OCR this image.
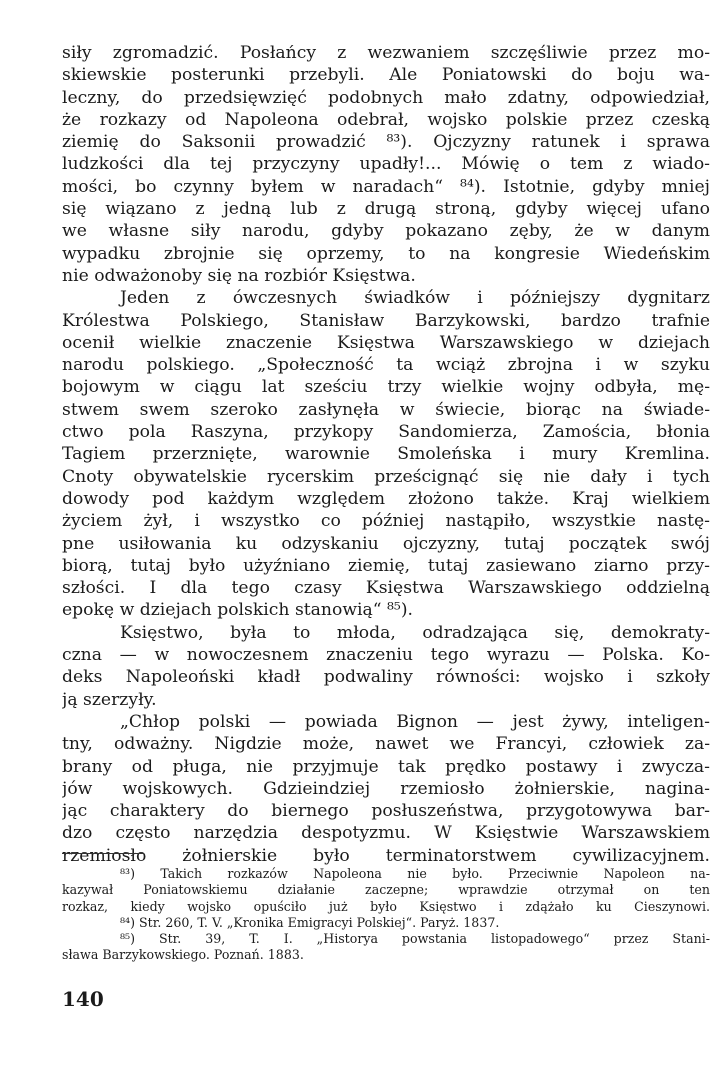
siły zgromadzić. Posłańcy z wezwaniem szczęśliwie przez mo-
skiewskie posterunki przebyli. Ale Poniatowski do boju wa-
leczny, do przedsięwzięć podobnych mało zdatny, odpowiedział,
że rozkazy od Napoleona odebrał, wojsko polskie przez czeską
ziemię do Saksonii prowadzić ⁸³). Ojczyzny ratunek i sprawa
ludzkości dla tej przyczyny upadły!... Mówię o tem z wiado-
mości, bo czynny byłem w naradach“ ⁸⁴). Istotnie, gdyby mniej
się wiązano z jedną lub z drugą stroną, gdyby więcej ufano
we własne siły narodu, gdyby pokazano zęby, że w danym
wypadku zbrojnie się oprzemy, to na kongresie Wiedeńskim
nie odważonoby się na rozbiór Księstwa.
Jeden z ówczesnych świadków i późniejszy dygnitarz
Królestwa Polskiego, Stanisław Barzykowski, bardzo trafnie
ocenił wielkie znaczenie Księstwa Warszawskiego w dziejach
narodu polskiego. „Społeczność ta wciąż zbrojna i w szyku
bojowym w ciągu lat sześciu trzy wielkie wojny odbyła, mę-
stwem swem szeroko zasłynęła w świecie, biorąc na świade-
ctwo pola Raszyna, przykopy Sandomierza, Zamościa, błonia
Tagiem przerznięte, warownie Smoleńska i mury Kremlina.
Cnoty obywatelskie rycerskim prześcignąć się nie dały i tych
dowody pod każdym względem złożono także. Kraj wielkiem
życiem żył, i wszystko co później nastąpiło, wszystkie nastę-
pne usiłowania ku odzyskaniu ojczyzny, tutaj początek swój
biorą, tutaj było użyźniano ziemię, tutaj zasiewano ziarno przy-
szłości. I dla tego czasy Księstwa Warszawskiego oddzielną
epokę w dziejach polskich stanowią“ ⁸⁵).
Księstwo, była to młoda, odradzająca się, demokraty-
czna — w nowoczesnem znaczeniu tego wyrazu — Polska. Ko-
deks Napoleoński kładł podwaliny równości: wojsko i szkoły
ją szerzyły.
„Chłop polski — powiada Bignon — jest żywy, inteligen-
tny, odważny. Nigdzie może, nawet we Francyi, człowiek za-
brany od pługa, nie przyjmuje tak prędko postawy i zwycza-
jów wojskowych. Gdzieindziej rzemiosło żołnierskie, nagina-
jąc charaktery do biernego posłuszeństwa, przygotowywa bar-
dzo często narzędzia despotyzmu. W Księstwie Warszawskiem
rzemiosło żołnierskie było terminatorstwem cywilizacyjnem.
⁸³) Takich rozkazów Napoleona nie było. Przeciwnie Napoleon na-
kazywał Poniatowskiemu działanie zaczepne; wprawdzie otrzymał on ten
rozkaz, kiedy wojsko opuściło już było Księstwo i zdążało ku Cieszynowi.
⁸⁴) Str. 260, T. V. „Kronika Emigracyi Polskiej“. Paryż. 1837.
⁸⁵) Str. 39, T. I. „Historya powstania listopadowego“ przez Stani-
sława Barzykowskiego. Poznań. 1883.
140
